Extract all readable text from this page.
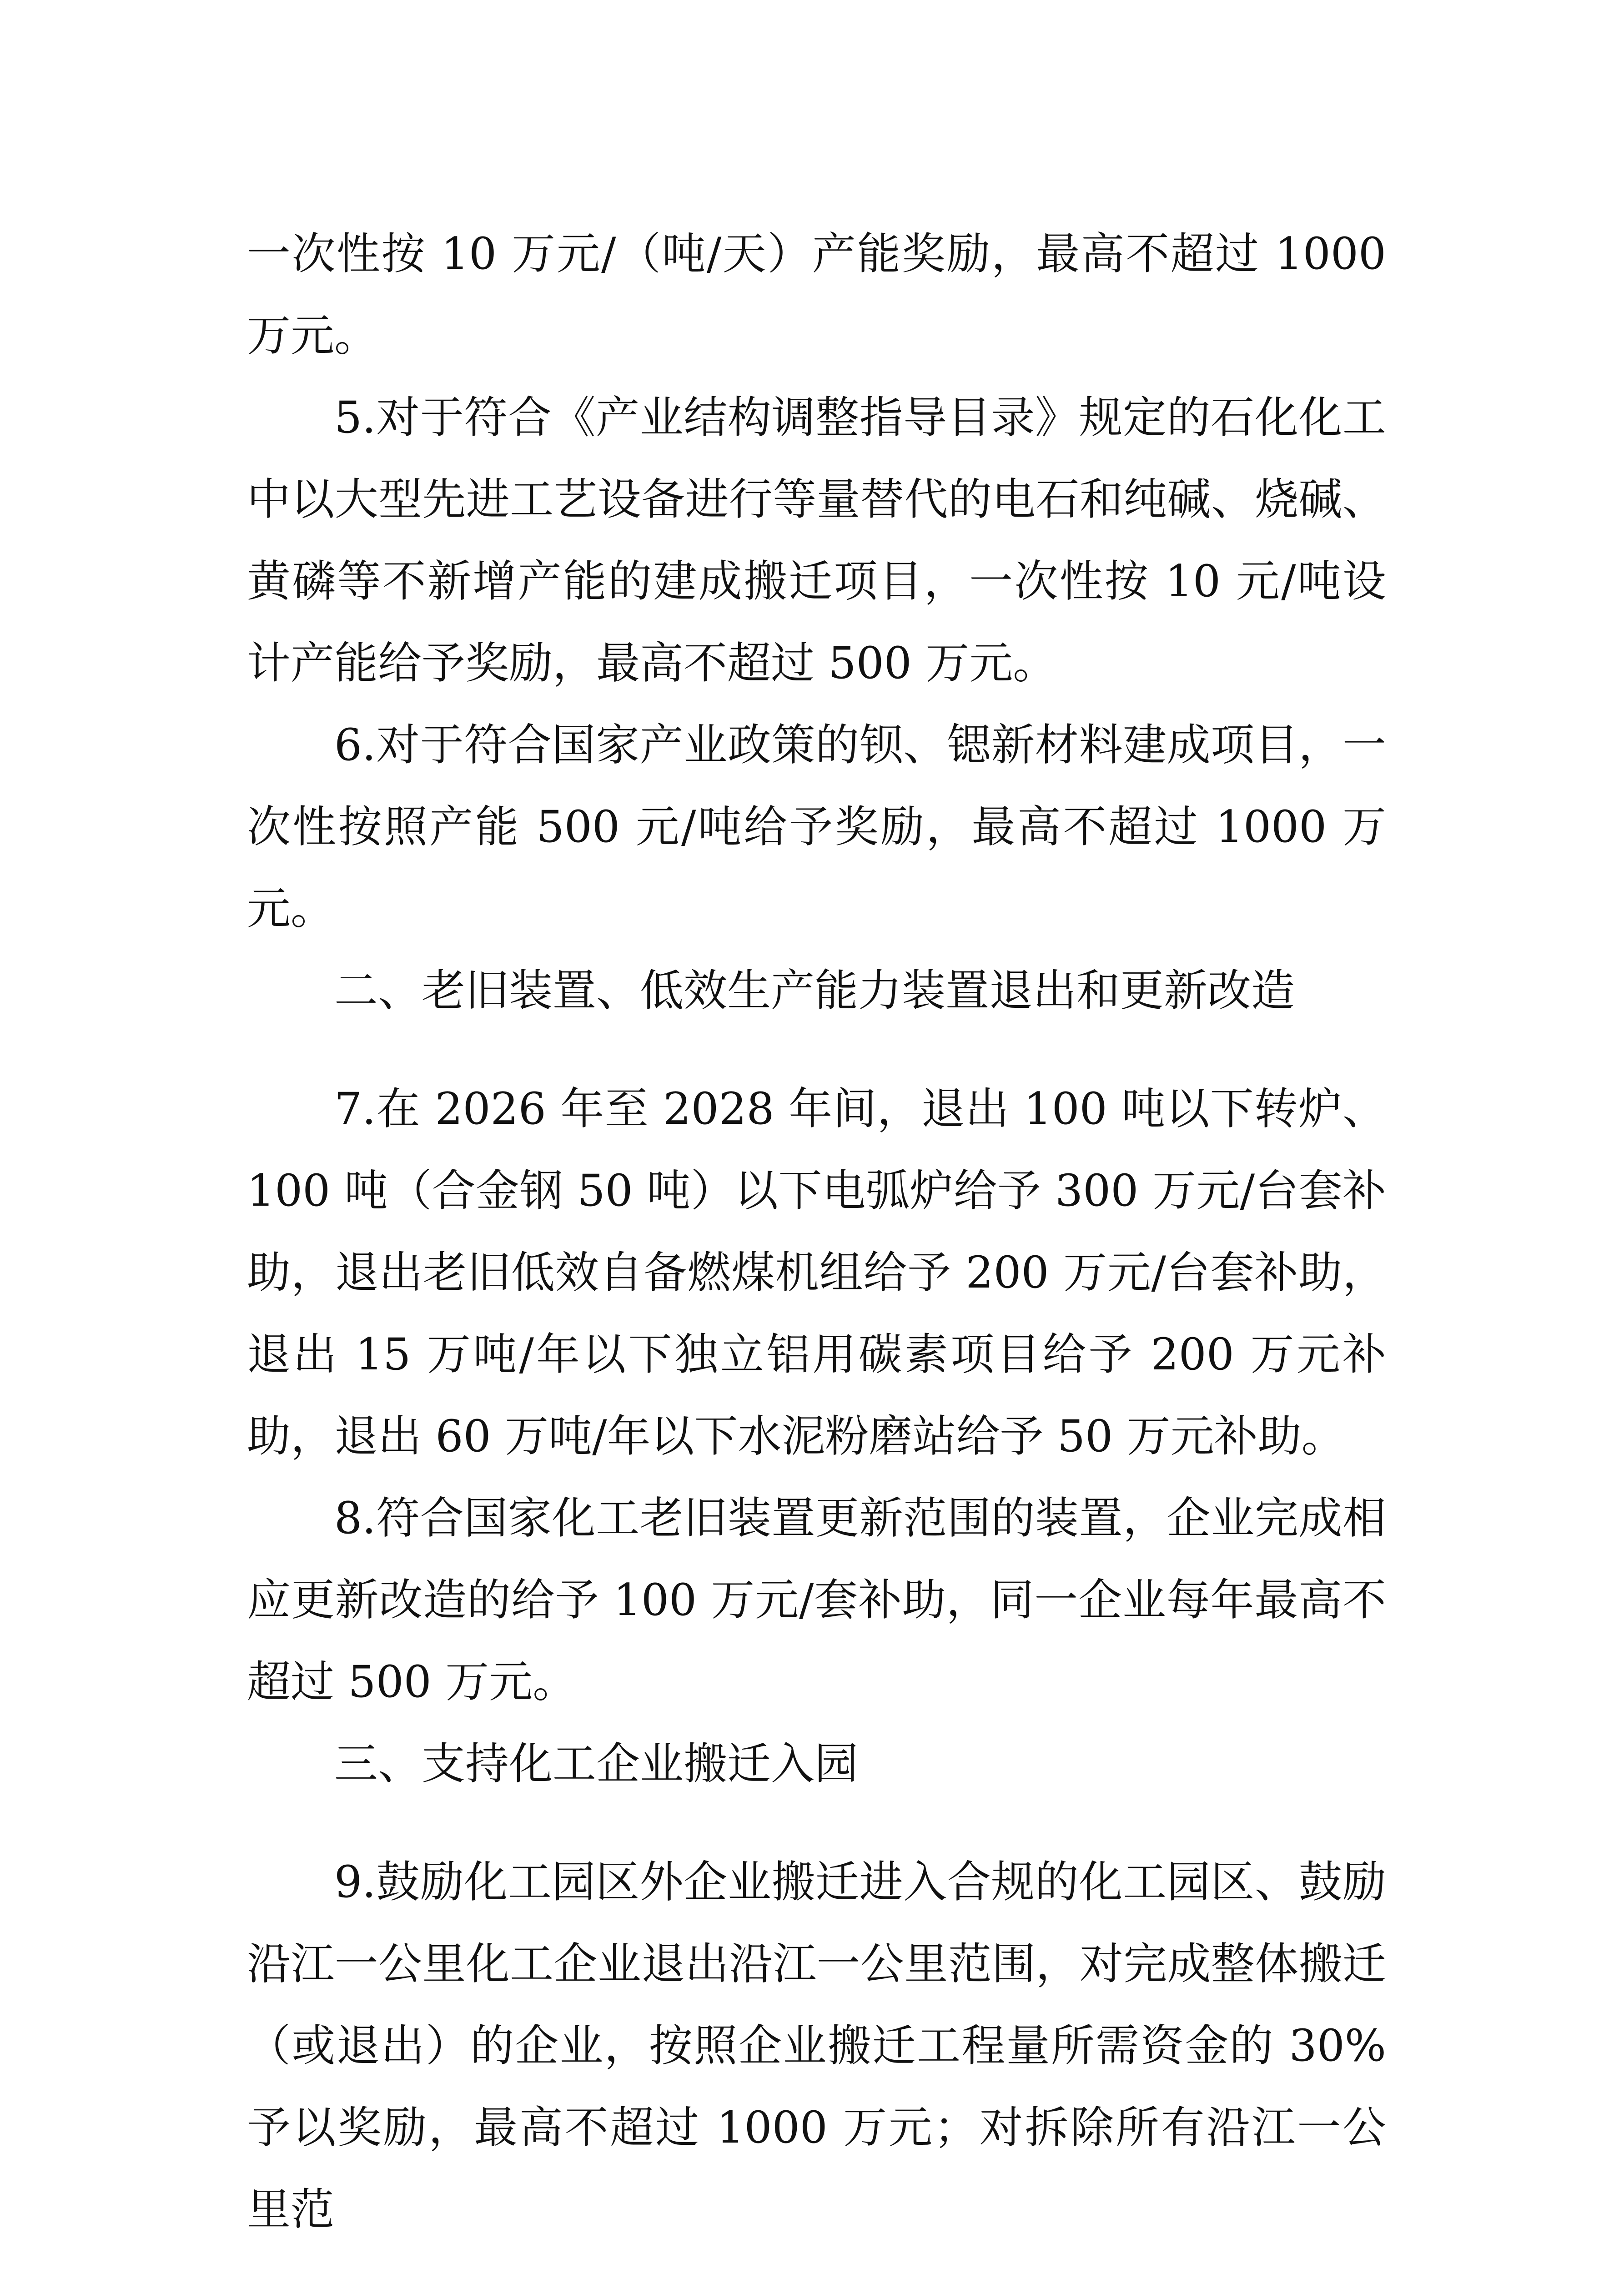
一次性按 10 万元/（吨/天）产能奖励，最高不超过 1000 万元。

5.对于符合《产业结构调整指导目录》规定的石化化工中以大型先进工艺设备进行等量替代的电石和纯碱、烧碱、黄磷等不新增产能的建成搬迁项目，一次性按 10 元/吨设计产能给予奖励，最高不超过 500 万元。

6.对于符合国家产业政策的钡、锶新材料建成项目，一次性按照产能 500 元/吨给予奖励，最高不超过 1000 万元。

二、老旧装置、低效生产能力装置退出和更新改造

7.在 2026 年至 2028 年间，退出 100 吨以下转炉、100 吨（合金钢 50 吨）以下电弧炉给予 300 万元/台套补助，退出老旧低效自备燃煤机组给予 200 万元/台套补助，退出 15 万吨/年以下独立铝用碳素项目给予 200 万元补助，退出 60 万吨/年以下水泥粉磨站给予 50 万元补助。

8.符合国家化工老旧装置更新范围的装置，企业完成相应更新改造的给予 100 万元/套补助，同一企业每年最高不超过 500 万元。

三、支持化工企业搬迁入园

9.鼓励化工园区外企业搬迁进入合规的化工园区、鼓励沿江一公里化工企业退出沿江一公里范围，对完成整体搬迁（或退出）的企业，按照企业搬迁工程量所需资金的 30%予以奖励，最高不超过 1000 万元；对拆除所有沿江一公里范
